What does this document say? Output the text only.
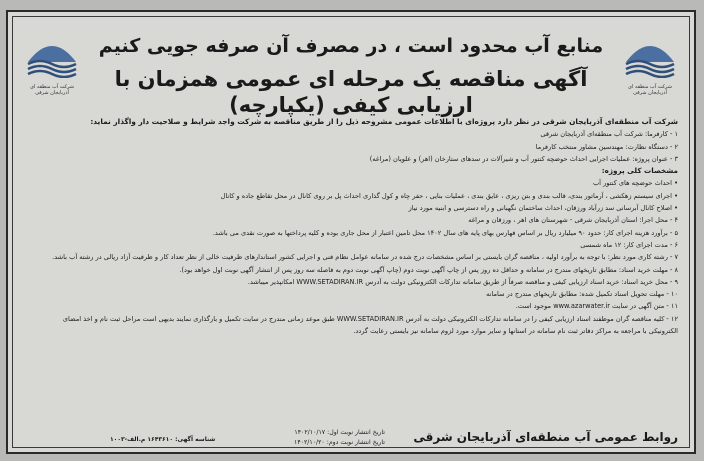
شرکت آب منطقه ای آذربایجان شرقی
شرکت آب منطقه ای آذربایجان شرقی
منابع آب محدود است ، در مصرف آن صرفه جویی کنیم
آگهی مناقصه یک مرحله ای عمومی همزمان با ارزیابی کیفی (یکپارچه)

شرکت آب منطقه‌ای آذربایجان شرقی در نظر دارد پروژه‌ای با اطلاعات عمومی مشروحه ذیل را از طریق مناقصه به شرکت واجد شرایط و صلاحیت دار واگذار نماید:

۱ - کارفرما: شرکت آب منطقه‌ای آذربایجان شرقی

۲ - دستگاه نظارت: مهندسین مشاور منتخب کارفرما

۳ - عنوان پروژه: عملیات اجرایی احداث حوضچه کنتور آب و شیرآلات در سدهای ستارخان (اهر) و علویان (مراغه)

مشخصات کلی پروژه:

• احداث حوضچه های کنتور آب

• اجرای سیستم زهکشی ، آرماتور بندی، قالب بندی و بتن ریزی ، عایق بندی ، عملیات بنایی ، حفر چاه و کول گذاری احداث پل بر روی کانال در محل تقاطع جاده و کانال

• اصلاح کانال آبرسانی سد زرآباد ورزقان، احداث ساختمان نگهبانی و راه دسترسی و ابنیه مورد نیاز

۴ - محل اجرا: استان آذربایجان شرقی - شهرستان های اهر ، ورزقان و مراغه

۵ - برآورد هزینه اجرای کار: حدود ۹۰ میلیارد ریال بر اساس فهارس بهای پایه های سال ۱۴۰۲ محل تامین اعتبار از محل جاری بوده و کلیه پرداختها به صورت نقدی می باشد.

۶ - مدت اجرای کار: ۱۲ ماه شمسی

۷ - رشته کاری مورد نظر: با توجه به برآورد اولیه ، مناقصه گران بایستی بر اساس مشخصات درج شده در سامانه عوامل نظام فنی و اجرایی کشور استاندارهای ظرفیت خالی از نظر تعداد کار و ظرفیت آزاد ریالی در رشته آب باشد.

۸ - مهلت خرید اسناد: مطابق تاریخهای مندرج در سامانه و حداقل ده روز پس از چاپ آگهی نوبت دوم (چاپ آگهی نوبت دوم به فاصله سه روز پس از انتشار آگهی نوبت اول خواهد بود).

۹ - محل خرید اسناد: خرید اسناد ارزیابی کیفی و مناقصه صرفاً از طریق سامانه تدارکات الکترونیکی دولت به آدرس WWW.SETADIRAN.IR امکانپذیر میباشد.

۱۰ - مهلت تحویل اسناد تکمیل شده: مطابق تاریخهای مندرج در سامانه

۱۱ - متن آگهی در سایت www.azarwater.ir موجود است.

۱۲ - کلیه مناقصه گران موظفند اسناد ارزیابی کیفی را در سامانه تدارکات الکترونیکی دولت به آدرس WWW.SETADIRAN.IR طبق موعد زمانی مندرج در سایت تکمیل و بارگذاری نمایند بدیهی است مراحل ثبت نام و اخذ امضای

الکترونیکی با مراجعه به مراکز دفاتر ثبت نام سامانه در استانها و سایر موارد مورد لزوم سامانه نیز بایستی رعایت گردد.

روابط عمومی آب منطقه‌ای آذربایجان شرقی
تاریخ انتشار نوبت اول: ۱۴۰۲/۱۰/۱۷
تاریخ انتشار نوبت دوم: ۱۴۰۲/۱۰/۲۰
شناسه آگهی: ۱۶۴۳۶۱۰ م.الف-۱۰۰۳
